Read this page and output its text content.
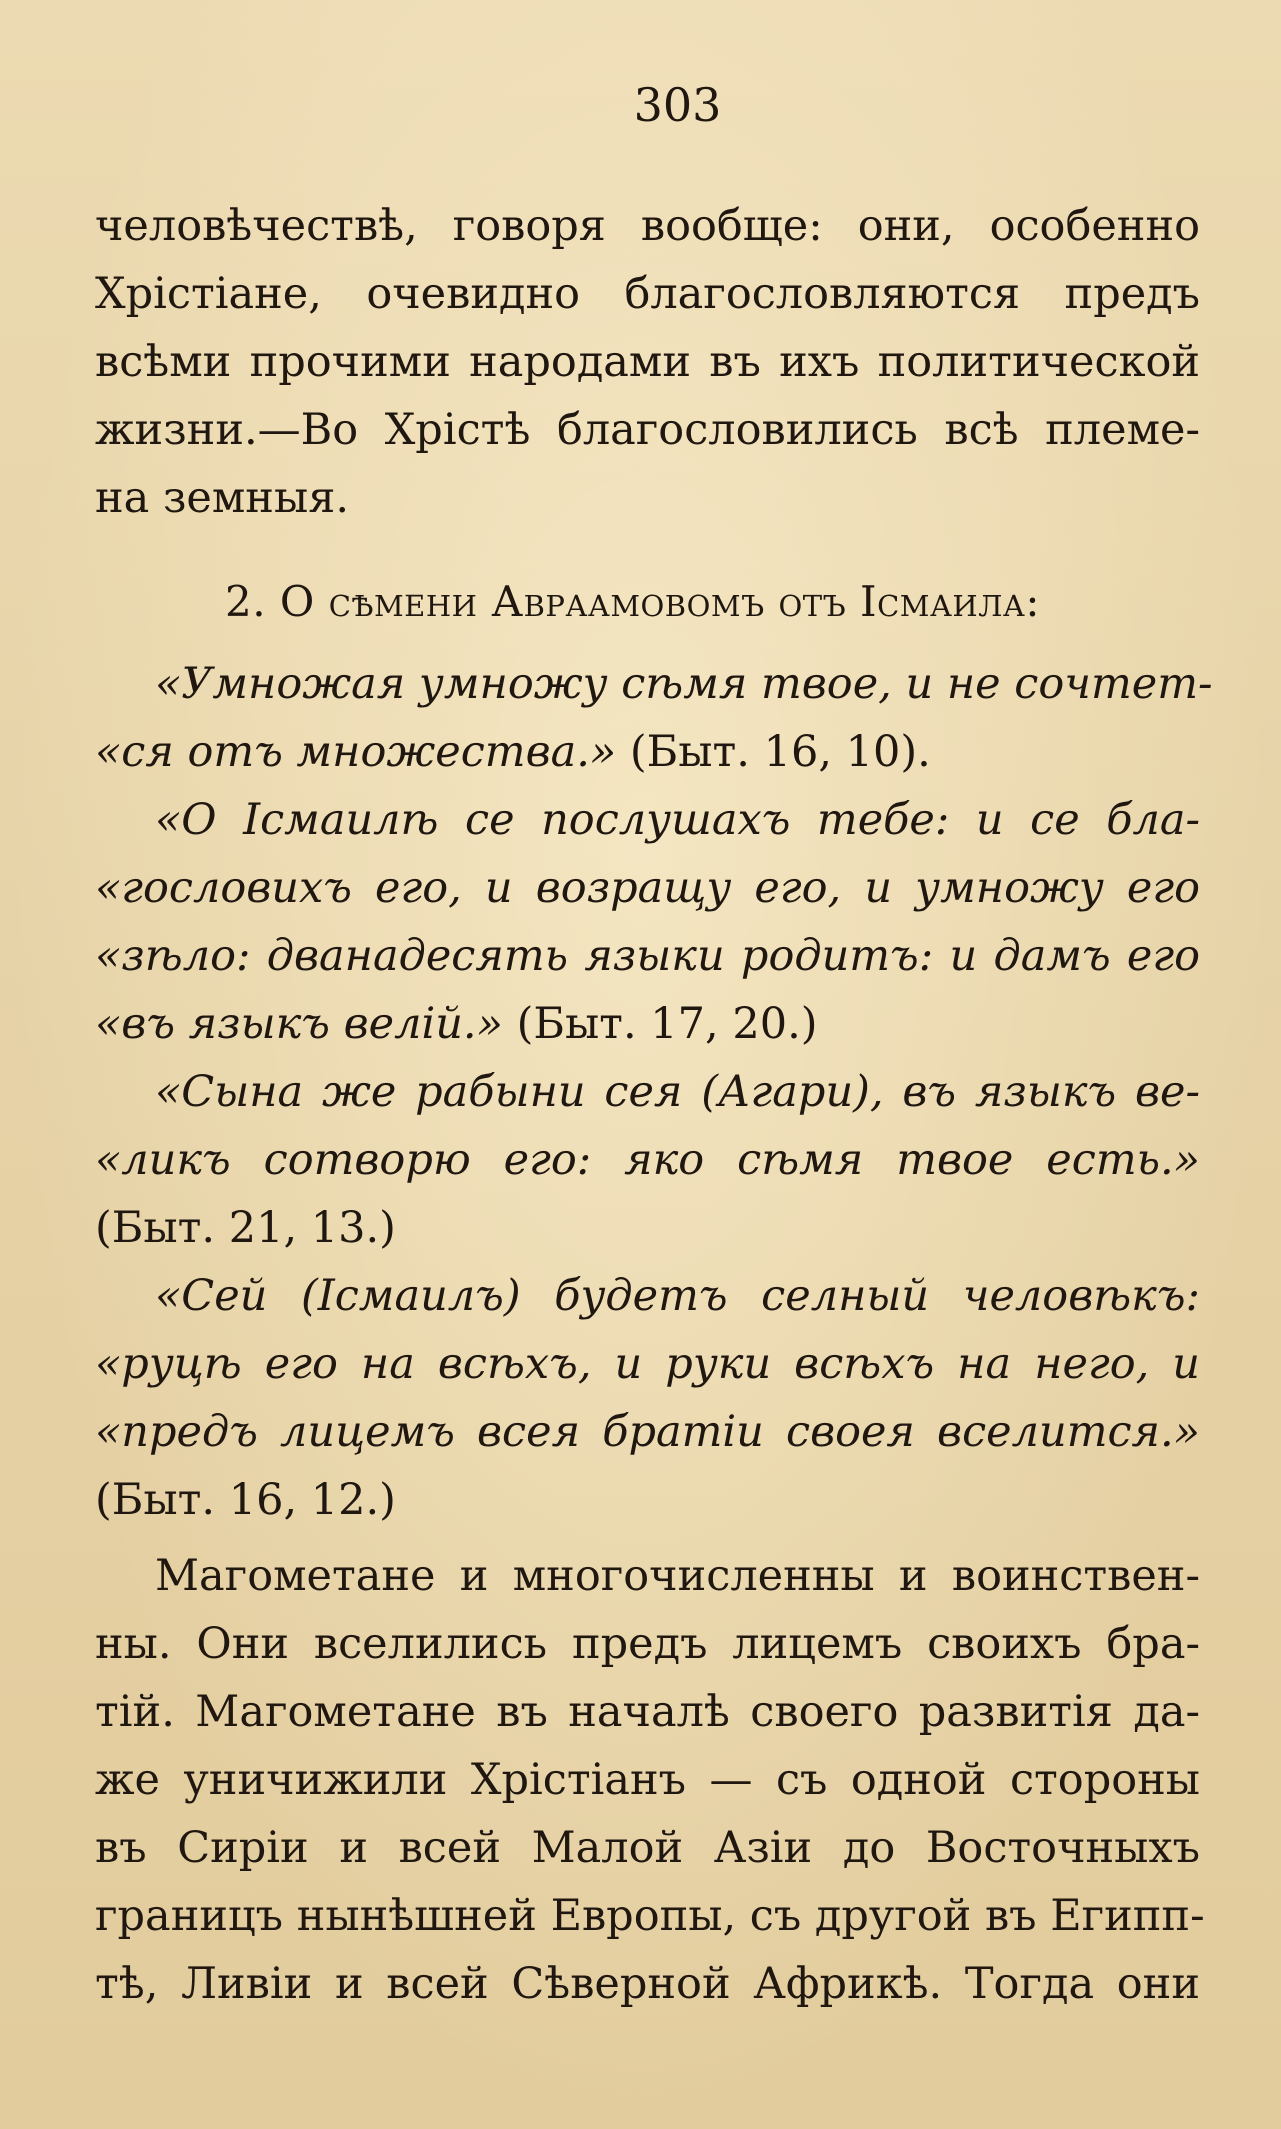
303
человѣчествѣ, говоря вообще: они, особенно
Хрістіане, очевидно благословляются предъ
всѣми прочими народами въ ихъ политической
жизни.—Во Хрістѣ благословились всѣ племе-
на земныя.
2. О сѣмени Авраамовомъ отъ Ісмаила:
«Умножая умножу сѣмя твое, и не сочтет-
«ся отъ множества.» (Быт. 16, 10).
«О Ісмаилѣ се послушахъ тебе: и се бла-
«гословихъ его, и возращу его, и умножу его
«зѣло: дванадесять языки родитъ: и дамъ его
«въ языкъ велій.» (Быт. 17, 20.)
«Сына же рабыни сея (Агари), въ языкъ ве-
«ликъ сотворю его: яко сѣмя твое есть.»
(Быт. 21, 13.)
«Сей (Ісмаилъ) будетъ селный человѣкъ:
«руцѣ его на всѣхъ, и руки всѣхъ на него, и
«предъ лицемъ всея братіи своея вселится.»
(Быт. 16, 12.)
Магометане и многочисленны и воинствен-
ны. Они вселились предъ лицемъ своихъ бра-
тій. Магометане въ началѣ своего развитія да-
же уничижили Хрістіанъ — съ одной стороны
въ Сиріи и всей Малой Азіи до Восточныхъ
границъ нынѣшней Европы, съ другой въ Египп-
тѣ, Ливіи и всей Сѣверной Африкѣ. Тогда они
